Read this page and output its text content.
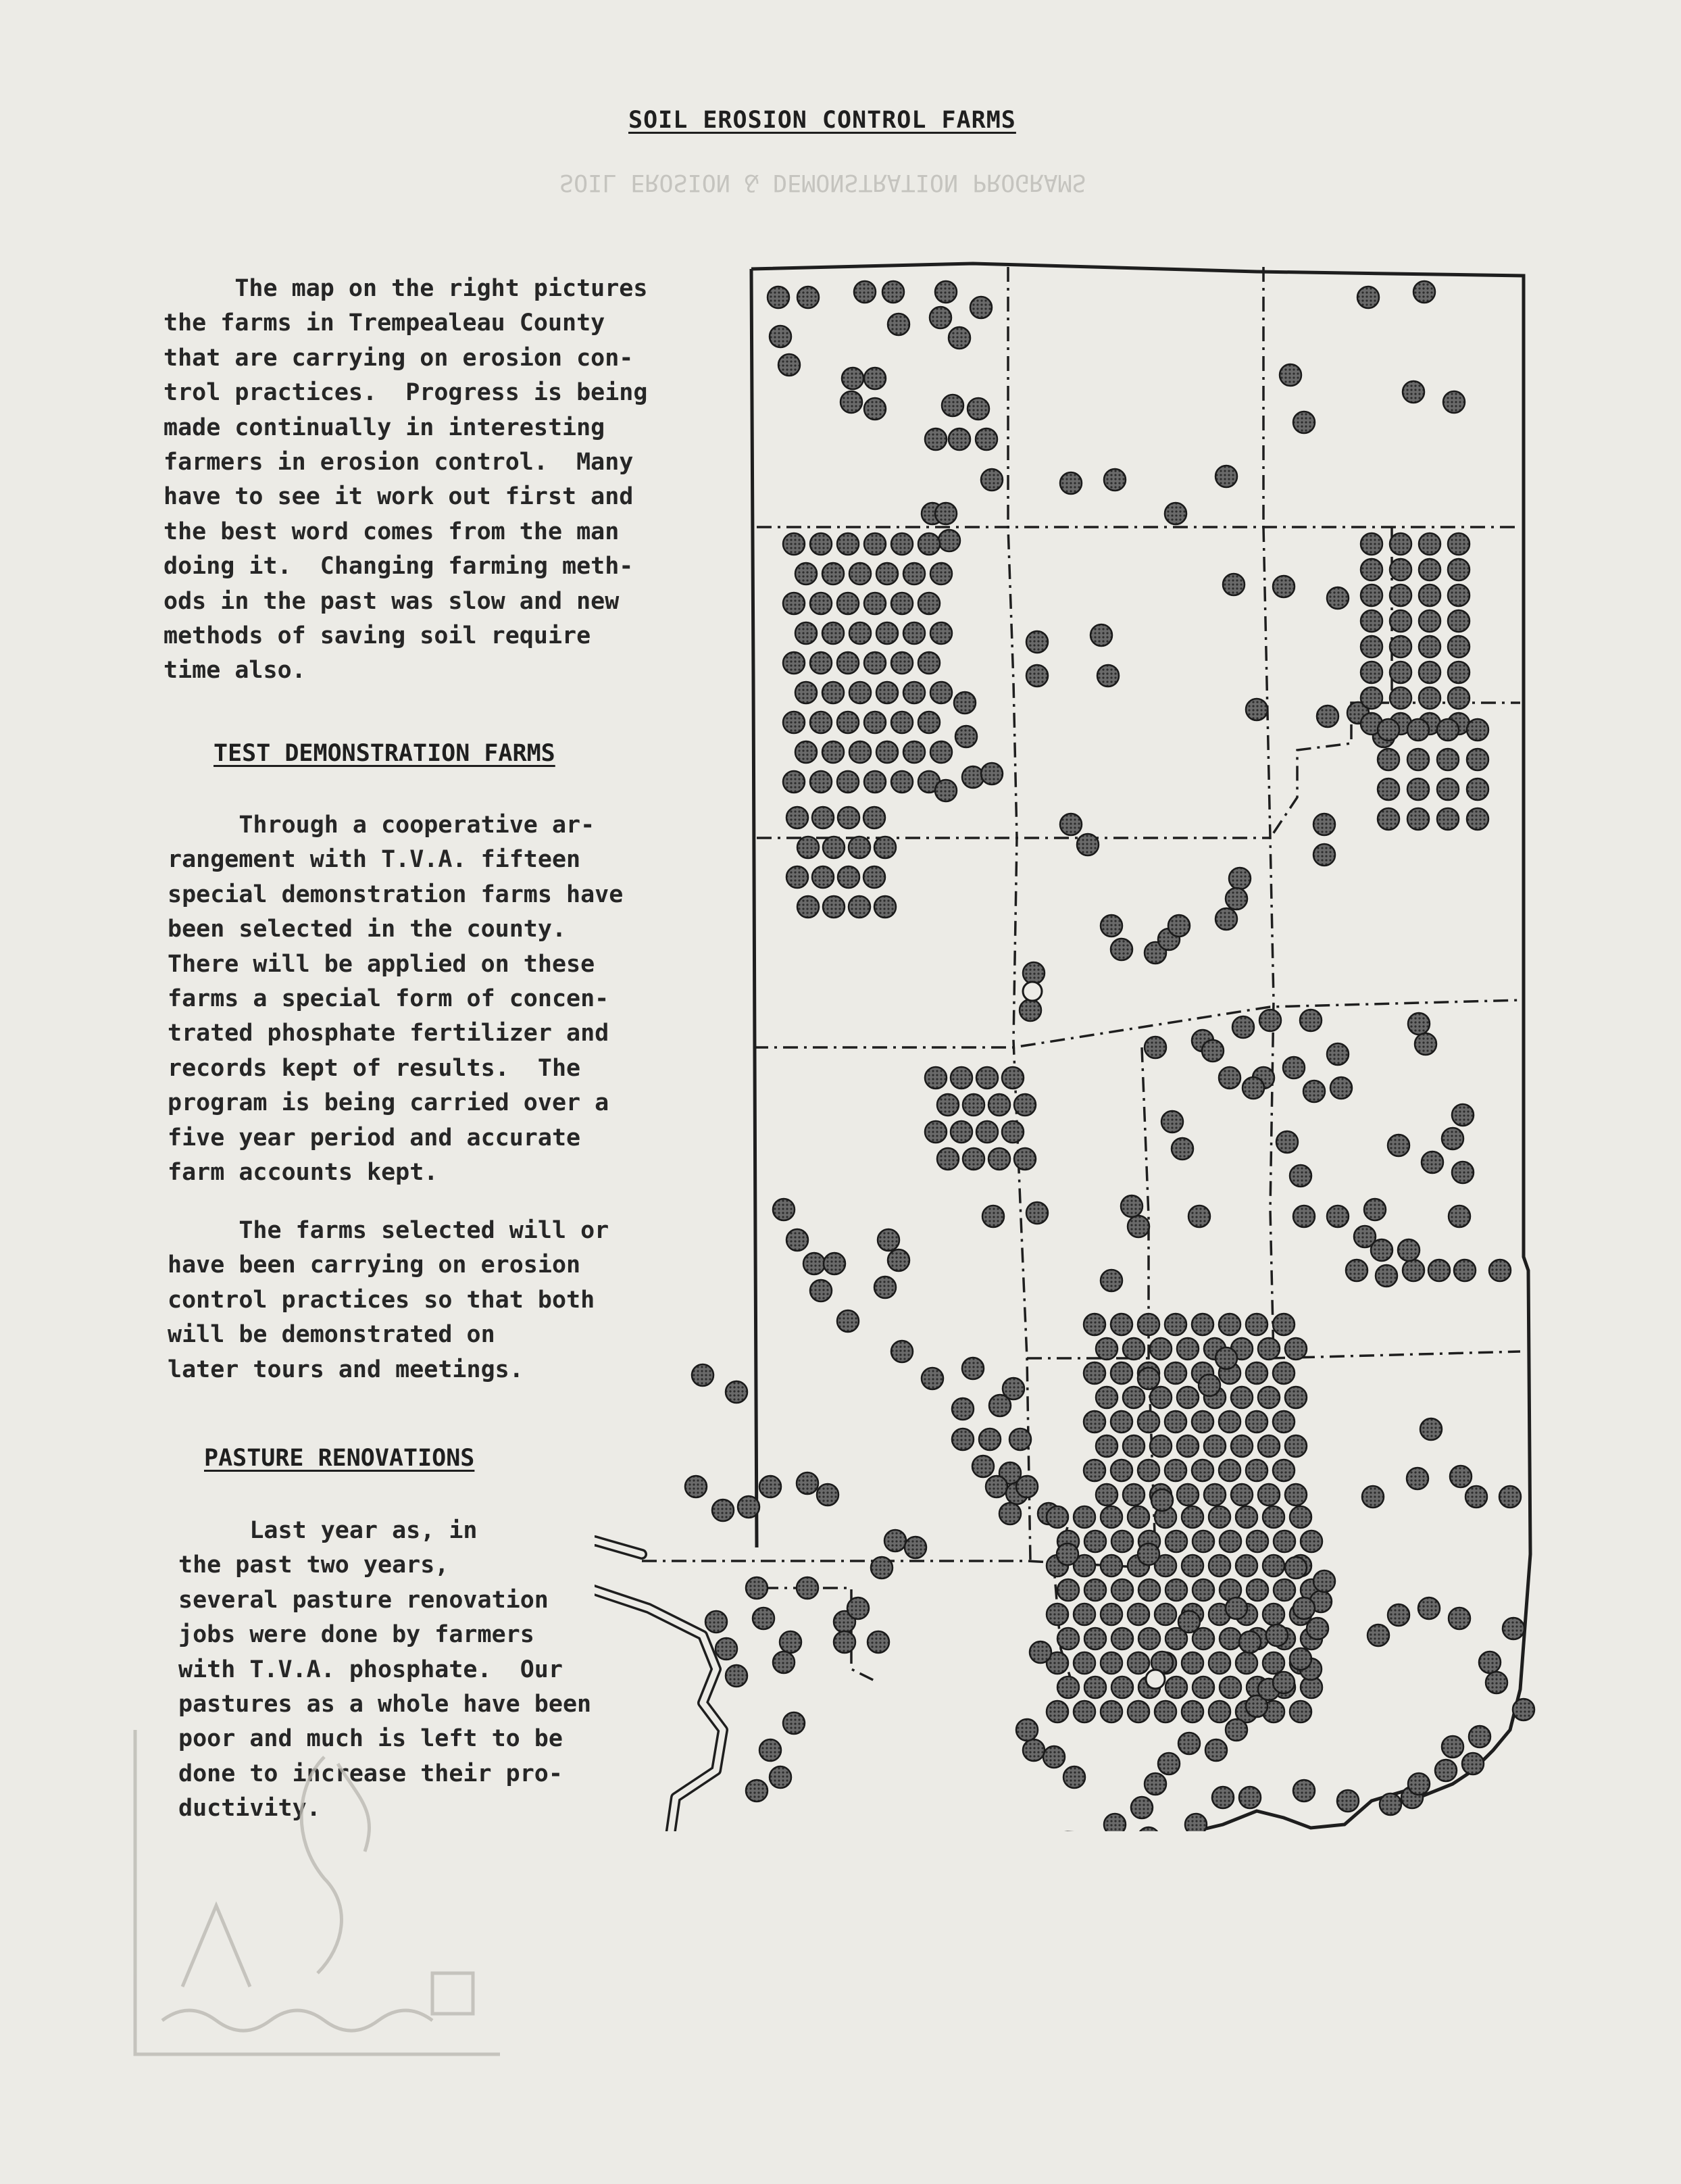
SOIL EROSION CONTROL FARMS
SOIL EROSION & DEMONSTRATION PROGRAMS
The map on the right pictures
the farms in Trempealeau County
that are carrying on erosion con-
trol practices.  Progress is being
made continually in interesting
farmers in erosion control.  Many
have to see it work out first and
the best word comes from the man
doing it.  Changing farming meth-
ods in the past was slow and new
methods of saving soil require
time also.
TEST DEMONSTRATION FARMS
Through a cooperative ar-
rangement with T.V.A. fifteen
special demonstration farms have
been selected in the county.
There will be applied on these
farms a special form of concen-
trated phosphate fertilizer and
records kept of results.  The
program is being carried over a
five year period and accurate
farm accounts kept.
The farms selected will or
have been carrying on erosion
control practices so that both
will be demonstrated on
later tours and meetings.
PASTURE RENOVATIONS
Last year as, in
the past two years,
several pasture renovation
jobs were done by farmers
with T.V.A. phosphate.  Our
pastures as a whole have been
poor and much is left to be
done to increase their pro-
ductivity.
